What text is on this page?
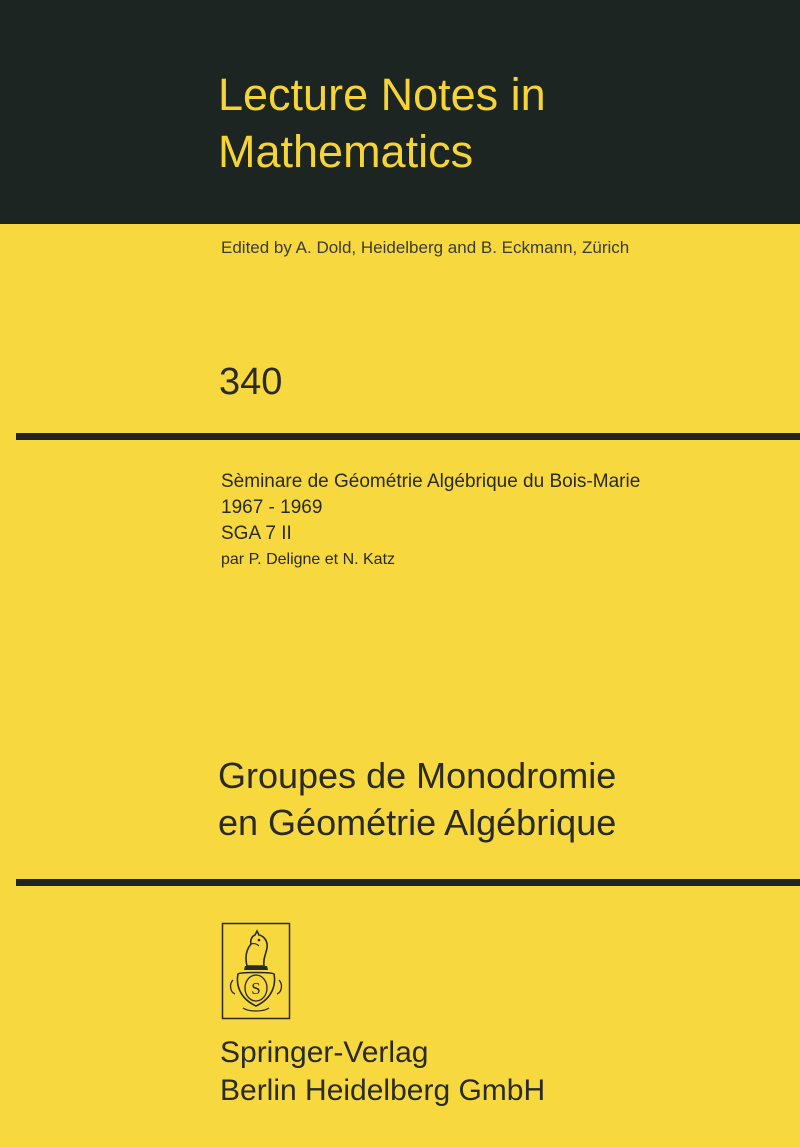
Lecture Notes in
Mathematics
Edited by A. Dold, Heidelberg and B. Eckmann, Zürich
340
Sèminare de Géométrie Algébrique du Bois-Marie
1967 - 1969
SGA 7 II
par P. Deligne et N. Katz
Groupes de Monodromie
en Géométrie Algébrique
S
Springer-Verlag
Berlin Heidelberg GmbH
